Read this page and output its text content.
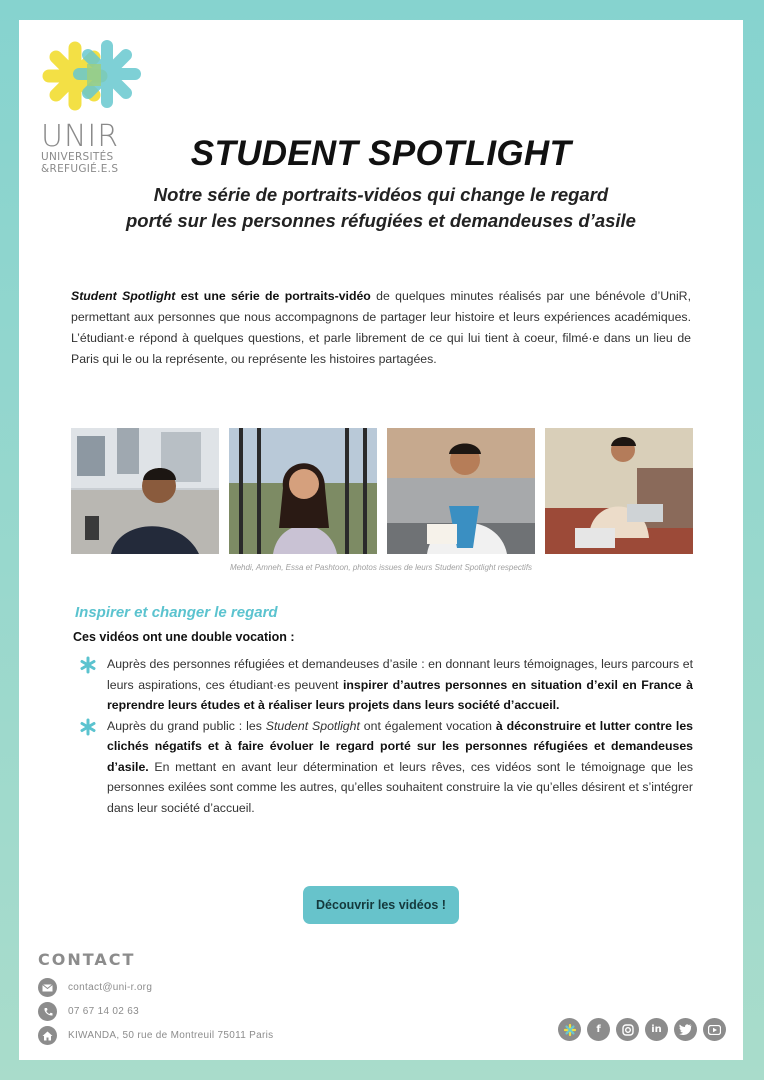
UNIR
UNIVERSITÉS
&REFUGIÉ.E.S	STUDENT SPOTLIGHT
Notre série de portraits-vidéos qui change le regard
porté sur les personnes réfugiées et demandeuses d’asile

Student Spotlight est une série de portraits-vidéo de quelques minutes réalisés par une bénévole d’UniR, permettant aux personnes que nous accompagnons de partager leur histoire et leurs expériences académiques. L’étudiant·e répond à quelques questions, et parle librement de ce qui lui tient à coeur, filmé·e dans un lieu de Paris qui le ou la représente, ou représente les histoires partagées.

Mehdi, Amneh, Essa et Pashtoon, photos issues de leurs Student Spotlight respectifs
Inspirer et changer le regard
Ces vidéos ont une double vocation :
Auprès des personnes réfugiées et demandeuses d’asile : en donnant leurs témoignages, leurs parcours et leurs aspirations, ces étudiant·es peuvent inspirer d’autres personnes en situation d’exil en France à reprendre leurs études et à réaliser leurs projets dans leurs société d’accueil.
Auprès du grand public : les Student Spotlight ont également vocation à déconstruire et lutter contre les clichés négatifs et à faire évoluer le regard porté sur les personnes réfugiées et demandeuses d’asile. En mettant en avant leur détermination et leurs rêves, ces vidéos sont le témoignage que les personnes exilées sont comme les autres, qu’elles souhaitent construire la vie qu’elles désirent et s’intégrer dans leur société d’accueil.
Découvrir les vidéos !
CONTACT
contact@uni-r.org
07 67 14 02 63
KIWANDA, 50 rue de Montreuil 75011 Paris
f	in
